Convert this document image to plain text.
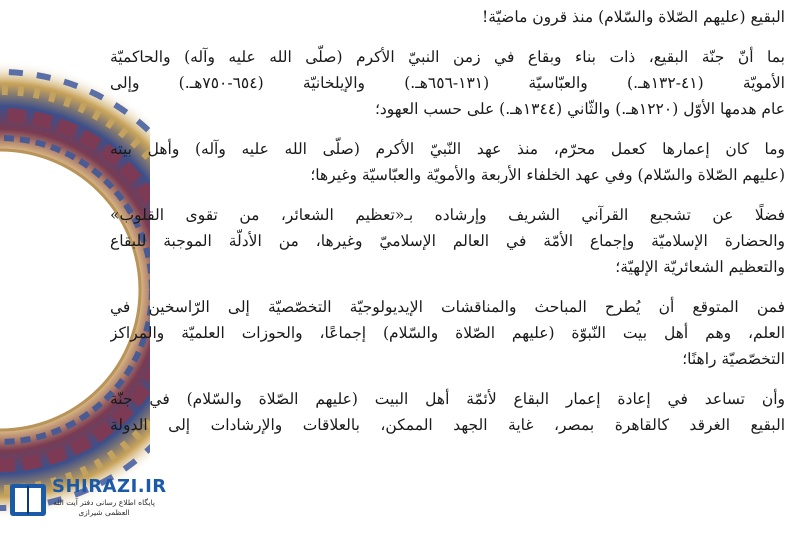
البقيع (عليهم الصّلاة والسّلام) منذ قرون ماضيّة!

بما أنّ جنّة البقيع، ذات بناء وبقاع في زمن النبيّ الأكرم (صلّى الله عليه وآله) والحاكميّة
الأمويّة (٤١-١٣٢هـ.) والعبّاسيّة (١٣١-٦٥٦هـ.) والإيلخانيّة (٦٥٤-٧٥٠هـ.) وإلى
عام هدمها الأوّل (١٢٢٠هـ.) والثّاني (١٣٤٤هـ.) على حسب العهود؛

وما كان إعمارها كعمل محرّم، منذ عهد النّبيّ الأكرم (صلّى الله عليه وآله) وأهل بيته
(عليهم الصّلاة والسّلام) وفي عهد الخلفاء الأربعة والأمويّة والعبّاسيّة وغيرها؛

فضلًا عن تشجيع القرآني الشريف وإرشاده بـ«تعظيم الشعائر، من تقوى القلوب»
والحضارة الإسلاميّة وإجماع الأمّة في العالم الإسلاميّ وغيرها، من الأدلّة الموجبة للبقاع
والتعظيم الشعائريّة الإلهيّة؛

فمن المتوقع أن يُطرح المباحث والمناقشات الإيديولوجيّة التخصّصيّة إلى الرّاسخين في
العلم، وهم أهل بيت النّبوّة (عليهم الصّلاة والسّلام) إجماعًا، والحوزات العلميّة والمراكز
التخصّصيّة راهنًا؛

وأن تساعد في إعادة إعمار البقاع لأئمّة أهل البيت (عليهم الصّلاة والسّلام) في جنّة
البقيع الغرقد كالقاهرة بمصر، غاية الجهد الممكن، بالعلاقات والإرشادات إلى الدولة

SHIRAZI.IR
پایگاه اطلاع رسانی دفتر آیت الله العظمی شیرازی
